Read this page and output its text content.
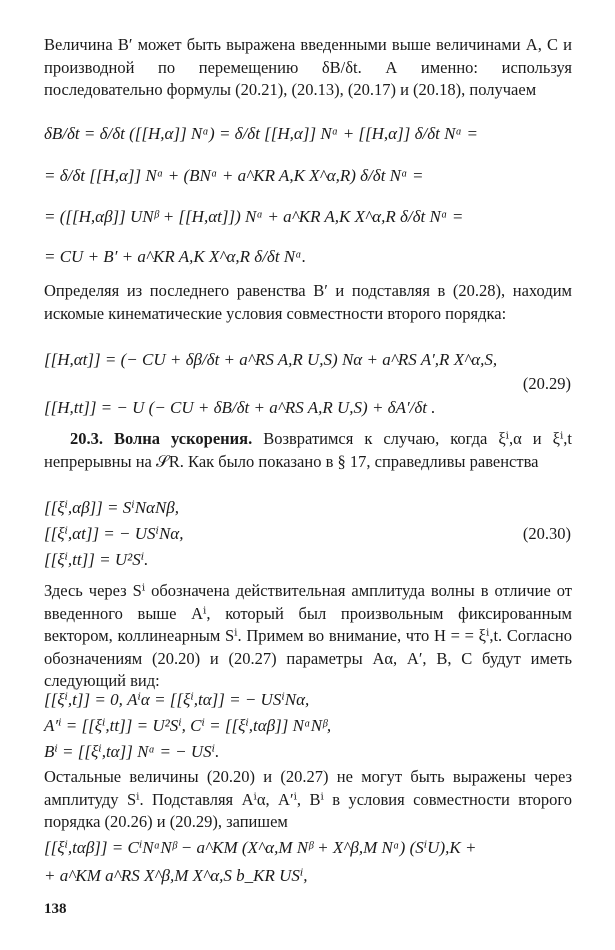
Величина B′ может быть выражена введенными выше величинами A, C и производной по перемещению δB/δt. А именно: используя последовательно формулы (20.21), (20.13), (20.17) и (20.18), получаем
δB/δt = δ/δt ([[H,α]] Nᵅ) = δ/δt [[H,α]] Nᵅ + [[H,α]] δ/δt Nᵅ =
= δ/δt [[H,α]] Nᵅ + (BNᵅ + a^KR A,K X^α,R) δ/δt Nᵅ =
= ([[H,αβ]] UNᵝ + [[H,αt]]) Nᵅ + a^KR A,K X^α,R δ/δt Nᵅ =
= CU + B′ + a^KR A,K X^α,R δ/δt Nᵅ.
Определяя из последнего равенства B′ и подставляя в (20.28), находим искомые кинематические условия совместности второго порядка:
[[H,αt]] = (− CU + δβ/δt + a^RS A,R U,S) Nα + a^RS A′,R X^α,S,
[[H,tt]] = − U (− CU + δB/δt + a^RS A,R U,S) + δA′/δt .
(20.29)
20.3. Волна ускорения. Возвратимся к случаю, когда ξⁱ,α и ξⁱ,t непрерывны на 𝒮R. Как было показано в § 17, справедливы равенства
[[ξⁱ,αβ]] = SⁱNαNβ,
[[ξⁱ,αt]] = − USⁱNα,	(20.30)
[[ξⁱ,tt]] = U²Sⁱ.
Здесь через Sⁱ обозначена действительная амплитуда волны в отличие от введенного выше Aⁱ, который был произвольным фиксированным вектором, коллинеарным Sⁱ. Примем во внимание, что H = = ξⁱ,t. Согласно обозначениям (20.20) и (20.27) параметры Aα, A′, B, C будут иметь следующий вид:
[[ξⁱ,t]] = 0, Aⁱα = [[ξⁱ,tα]] = − USⁱNα,
A′ⁱ = [[ξⁱ,tt]] = U²Sⁱ, Cⁱ = [[ξⁱ,tαβ]] NᵅNᵝ,
Bⁱ = [[ξⁱ,tα]] Nᵅ = − USⁱ.
Остальные величины (20.20) и (20.27) не могут быть выражены через амплитуду Sⁱ. Подставляя Aⁱα, A′ⁱ, Bⁱ в условия совместности второго порядка (20.26) и (20.29), запишем
[[ξⁱ,tαβ]] = CⁱNᵅNᵝ − a^KM (X^α,M Nᵝ + X^β,M Nᵅ) (SⁱU),K +
+ a^KM a^RS X^β,M X^α,S b_KR USⁱ,
138
